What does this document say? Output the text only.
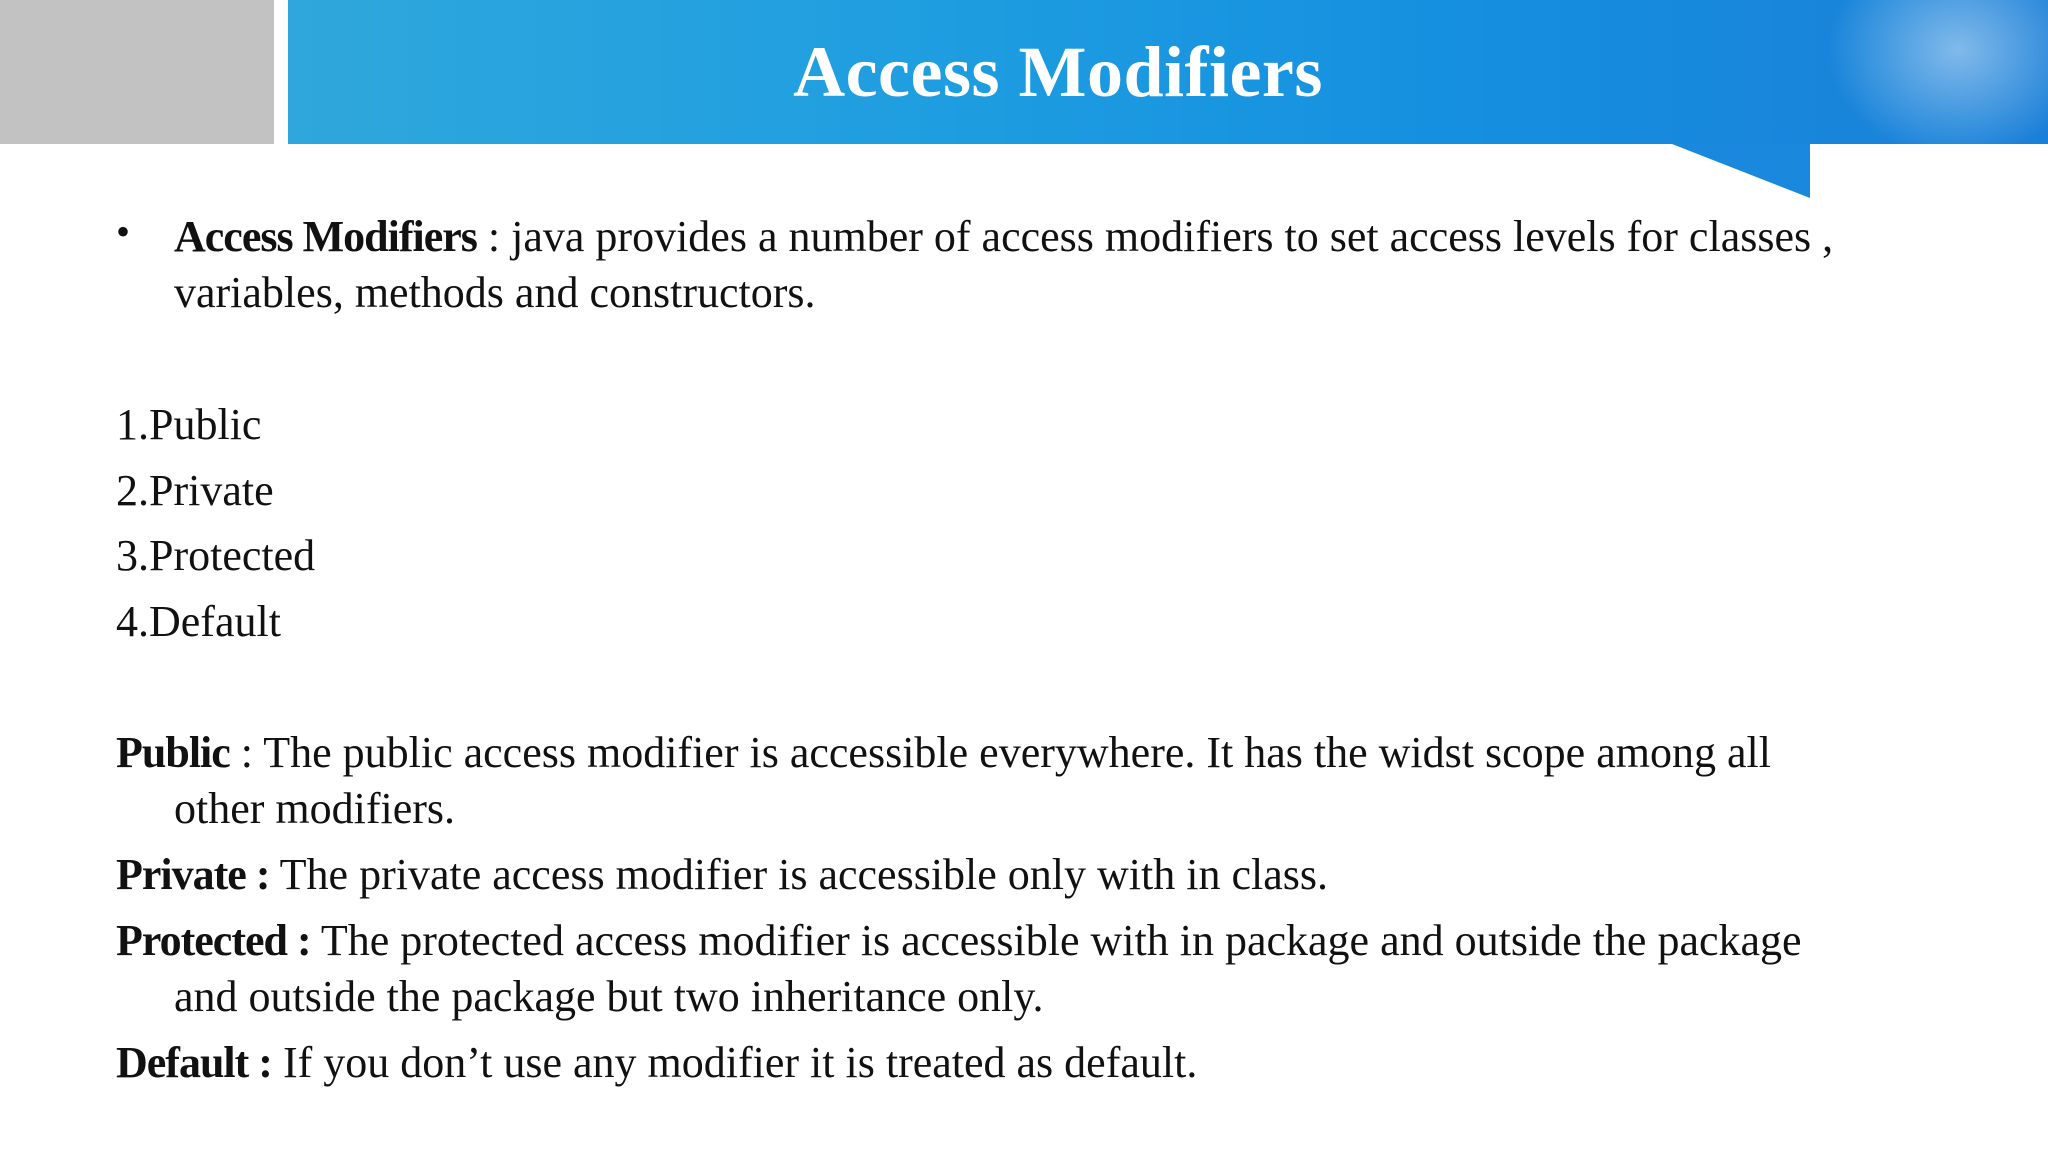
Access Modifiers
• Access Modifiers : java provides a number of access modifiers to set access levels for classes ,
variables, methods and constructors.
1.Public
2.Private
3.Protected
4.Default
Public : The public access modifier is accessible everywhere. It has the widst scope among all
other modifiers.
Private : The private access modifier is accessible only with in class.
Protected : The protected access modifier is accessible with in package and outside the package
and outside the package but two inheritance only.
Default : If you don’t use any modifier it is treated as default.
